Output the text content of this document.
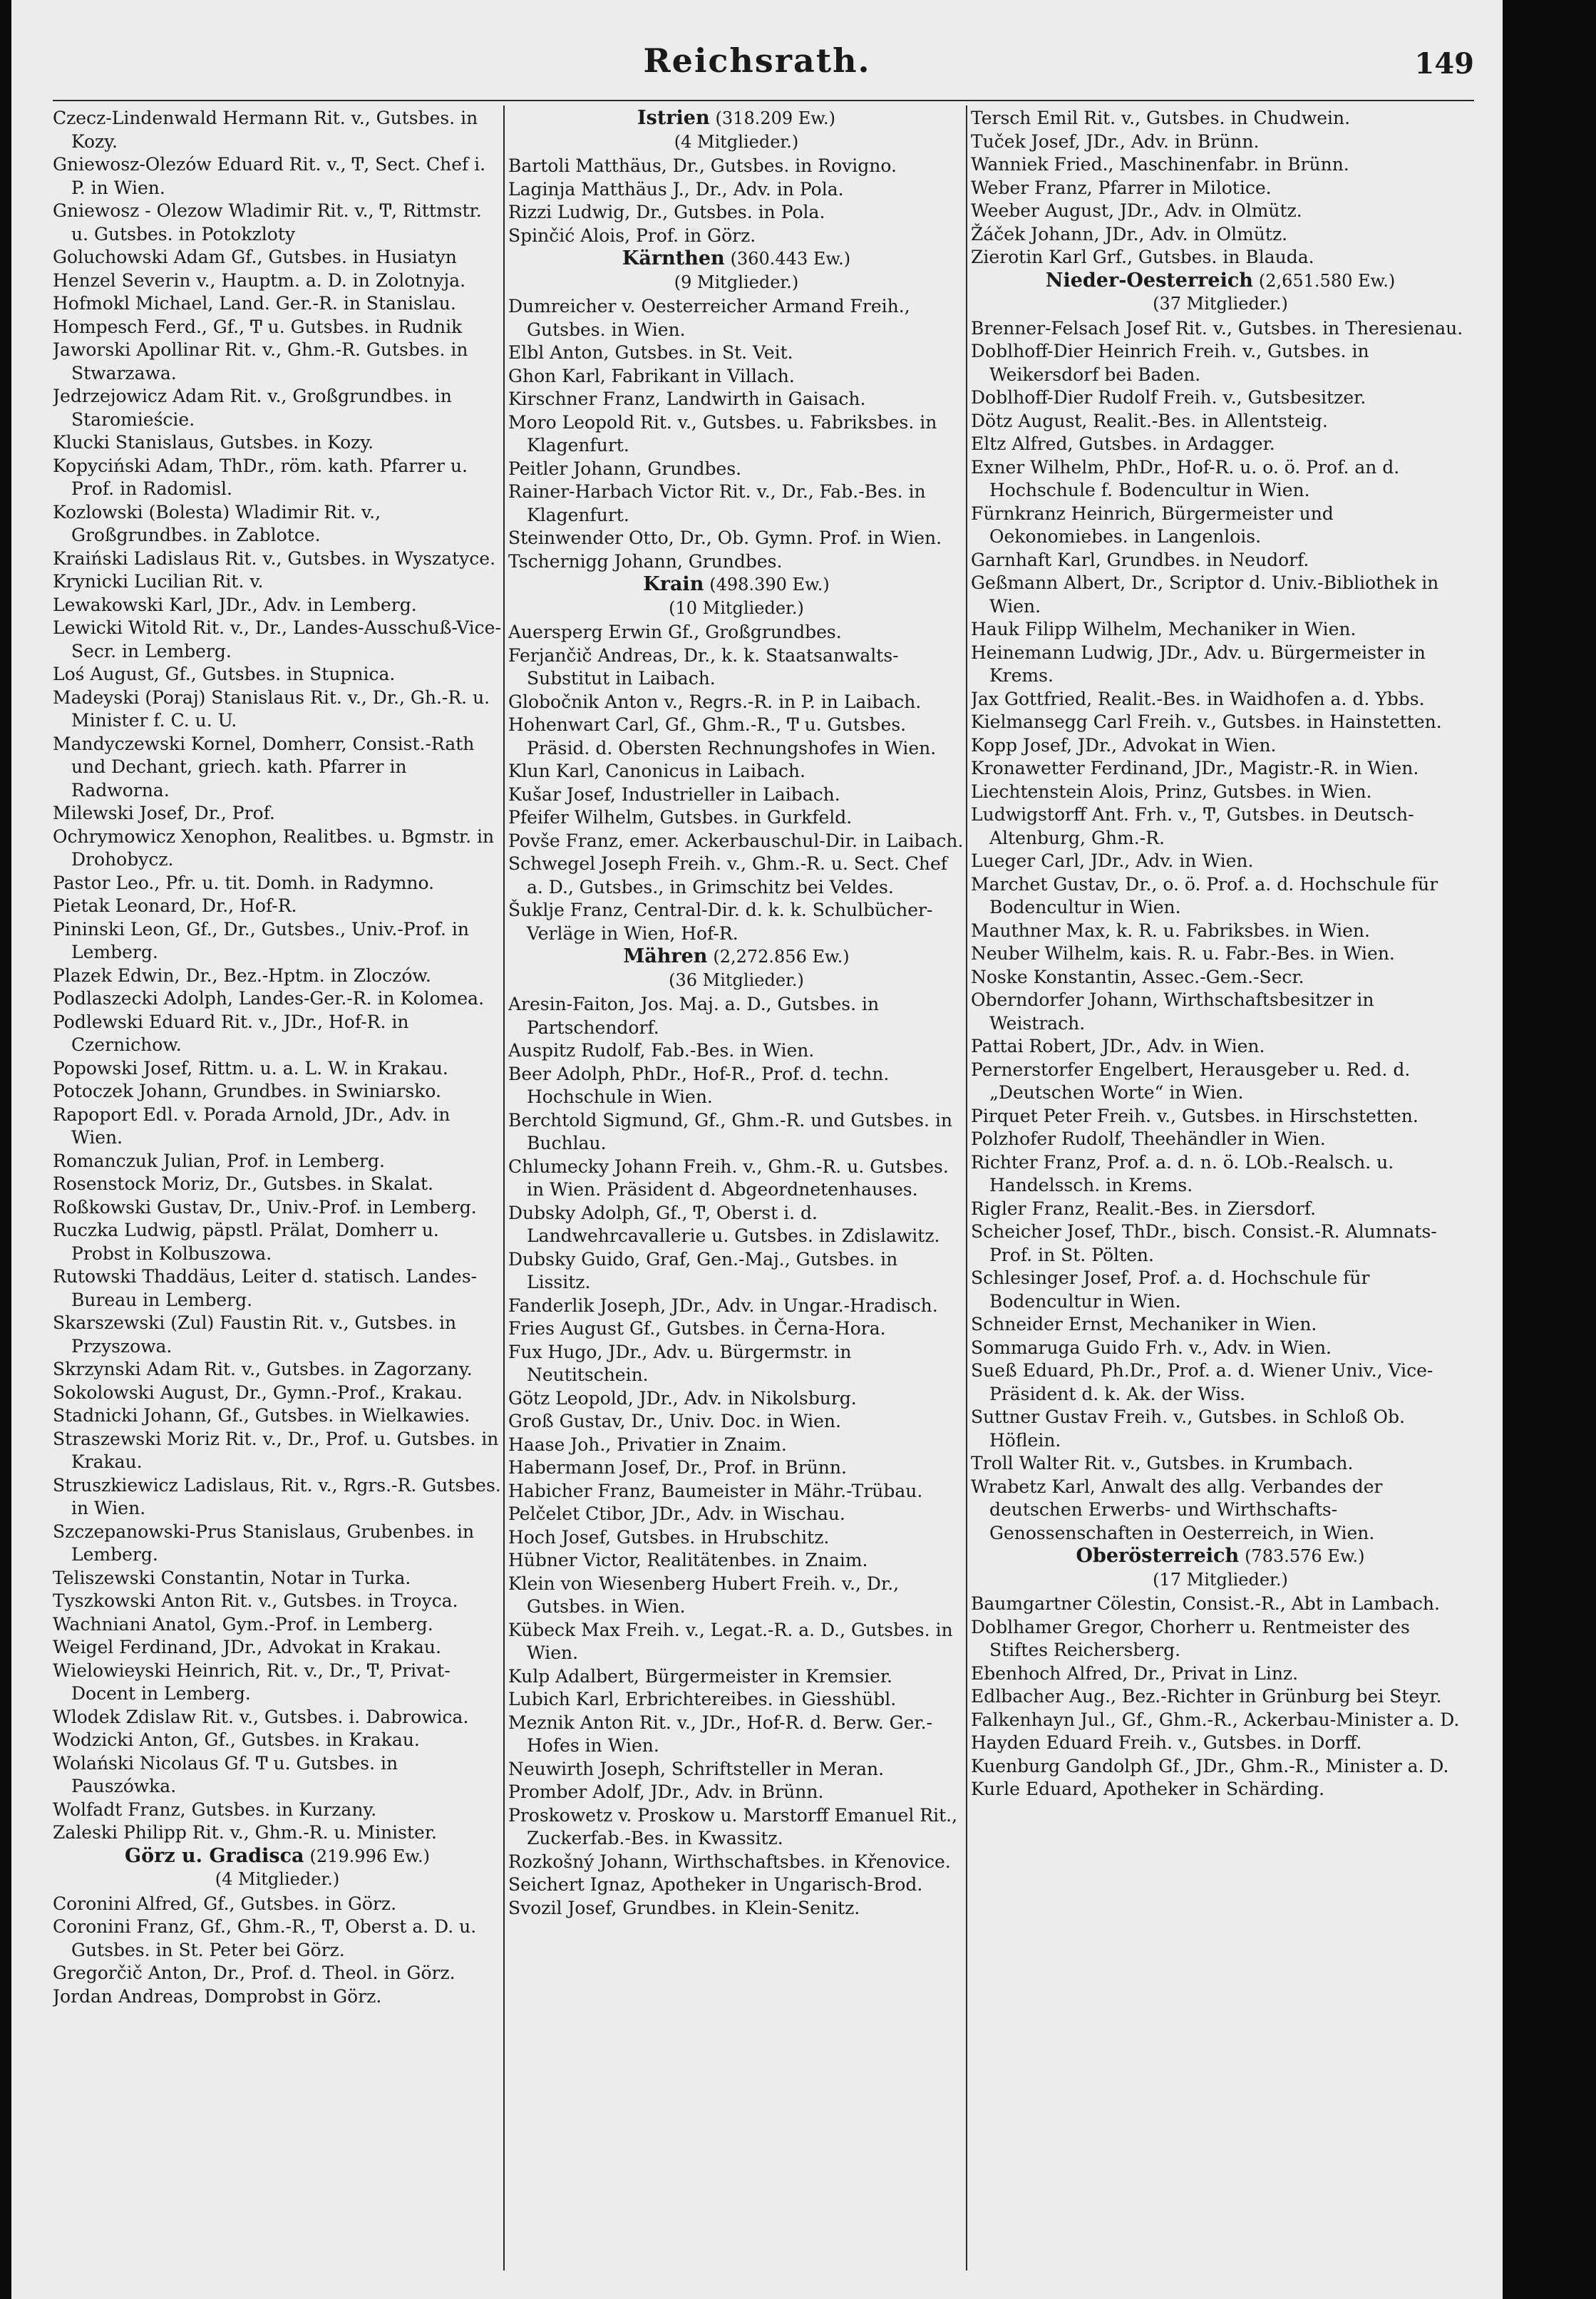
Reichsrath.	149

Czecz-Lindenwald Hermann Rit. v., Gutsbes. in Kozy.

Gniewosz-Olezów Eduard Rit. v., Ͳ, Sect. Chef i. P. in Wien.

Gniewosz - Olezow Wladimir Rit. v., Ͳ, Rittmstr. u. Gutsbes. in Potokzloty

Goluchowski Adam Gf., Gutsbes. in Husiatyn

Henzel Severin v., Hauptm. a. D. in Zolotnyja.

Hofmokl Michael, Land. Ger.-R. in Stanislau.

Hompesch Ferd., Gf., Ͳ u. Gutsbes. in Rudnik

Jaworski Apollinar Rit. v., Ghm.-R. Gutsbes. in Stwarzawa.

Jedrzejowicz Adam Rit. v., Großgrundbes. in Staromieście.

Klucki Stanislaus, Gutsbes. in Kozy.

Kopyciński Adam, ThDr., röm. kath. Pfarrer u. Prof. in Radomisl.

Kozlowski (Bolesta) Wladimir Rit. v., Großgrundbes. in Zablotce.

Kraiński Ladislaus Rit. v., Gutsbes. in Wyszatyce.

Krynicki Lucilian Rit. v.

Lewakowski Karl, JDr., Adv. in Lemberg.

Lewicki Witold Rit. v., Dr., Landes-Ausschuß-Vice-Secr. in Lemberg.

Loś August, Gf., Gutsbes. in Stupnica.

Madeyski (Poraj) Stanislaus Rit. v., Dr., Gh.-R. u. Minister f. C. u. U.

Mandyczewski Kornel, Domherr, Consist.-Rath und Dechant, griech. kath. Pfarrer in Radworna.

Milewski Josef, Dr., Prof.

Ochrymowicz Xenophon, Realitbes. u. Bgmstr. in Drohobycz.

Pastor Leo., Pfr. u. tit. Domh. in Radymno.

Pietak Leonard, Dr., Hof-R.

Pininski Leon, Gf., Dr., Gutsbes., Univ.-Prof. in Lemberg.

Plazek Edwin, Dr., Bez.-Hptm. in Zloczów.

Podlaszecki Adolph, Landes-Ger.-R. in Kolomea.

Podlewski Eduard Rit. v., JDr., Hof-R. in Czernichow.

Popowski Josef, Rittm. u. a. L. W. in Krakau.

Potoczek Johann, Grundbes. in Swiniarsko.

Rapoport Edl. v. Porada Arnold, JDr., Adv. in Wien.

Romanczuk Julian, Prof. in Lemberg.

Rosenstock Moriz, Dr., Gutsbes. in Skalat.

Roßkowski Gustav, Dr., Univ.-Prof. in Lemberg.

Ruczka Ludwig, päpstl. Prälat, Domherr u. Probst in Kolbuszowa.

Rutowski Thaddäus, Leiter d. statisch. Landes-Bureau in Lemberg.

Skarszewski (Zul) Faustin Rit. v., Gutsbes. in Przyszowa.

Skrzynski Adam Rit. v., Gutsbes. in Zagorzany.

Sokolowski August, Dr., Gymn.-Prof., Krakau.

Stadnicki Johann, Gf., Gutsbes. in Wielkawies.

Straszewski Moriz Rit. v., Dr., Prof. u. Gutsbes. in Krakau.

Struszkiewicz Ladislaus, Rit. v., Rgrs.-R. Gutsbes. in Wien.

Szczepanowski-Prus Stanislaus, Grubenbes. in Lemberg.

Teliszewski Constantin, Notar in Turka.

Tyszkowski Anton Rit. v., Gutsbes. in Troyca.

Wachniani Anatol, Gym.-Prof. in Lemberg.

Weigel Ferdinand, JDr., Advokat in Krakau.

Wielowieyski Heinrich, Rit. v., Dr., Ͳ, Privat-Docent in Lemberg.

Wlodek Zdislaw Rit. v., Gutsbes. i. Dabrowica.

Wodzicki Anton, Gf., Gutsbes. in Krakau.

Wolański Nicolaus Gf. Ͳ u. Gutsbes. in Pauszówka.

Wolfadt Franz, Gutsbes. in Kurzany.

Zaleski Philipp Rit. v., Ghm.-R. u. Minister.

Görz u. Gradisca (219.996 Ew.)

(4 Mitglieder.)

Coronini Alfred, Gf., Gutsbes. in Görz.

Coronini Franz, Gf., Ghm.-R., Ͳ, Oberst a. D. u. Gutsbes. in St. Peter bei Görz.

Gregorčič Anton, Dr., Prof. d. Theol. in Görz.

Jordan Andreas, Domprobst in Görz.

Istrien (318.209 Ew.)

(4 Mitglieder.)

Bartoli Matthäus, Dr., Gutsbes. in Rovigno.

Laginja Matthäus J., Dr., Adv. in Pola.

Rizzi Ludwig, Dr., Gutsbes. in Pola.

Spinčić Alois, Prof. in Görz.

Kärnthen (360.443 Ew.)

(9 Mitglieder.)

Dumreicher v. Oesterreicher Armand Freih., Gutsbes. in Wien.

Elbl Anton, Gutsbes. in St. Veit.

Ghon Karl, Fabrikant in Villach.

Kirschner Franz, Landwirth in Gaisach.

Moro Leopold Rit. v., Gutsbes. u. Fabriksbes. in Klagenfurt.

Peitler Johann, Grundbes.

Rainer-Harbach Victor Rit. v., Dr., Fab.-Bes. in Klagenfurt.

Steinwender Otto, Dr., Ob. Gymn. Prof. in Wien.

Tschernigg Johann, Grundbes.

Krain (498.390 Ew.)

(10 Mitglieder.)

Auersperg Erwin Gf., Großgrundbes.

Ferjančič Andreas, Dr., k. k. Staatsanwalts-Substitut in Laibach.

Globočnik Anton v., Regrs.-R. in P. in Laibach.

Hohenwart Carl, Gf., Ghm.-R., Ͳ u. Gutsbes. Präsid. d. Obersten Rechnungshofes in Wien.

Klun Karl, Canonicus in Laibach.

Kušar Josef, Industrieller in Laibach.

Pfeifer Wilhelm, Gutsbes. in Gurkfeld.

Povše Franz, emer. Ackerbauschul-Dir. in Laibach.

Schwegel Joseph Freih. v., Ghm.-R. u. Sect. Chef a. D., Gutsbes., in Grimschitz bei Veldes.

Šuklje Franz, Central-Dir. d. k. k. Schulbücher-Verläge in Wien, Hof-R.

Mähren (2,272.856 Ew.)

(36 Mitglieder.)

Aresin-Faiton, Jos. Maj. a. D., Gutsbes. in Partschendorf.

Auspitz Rudolf, Fab.-Bes. in Wien.

Beer Adolph, PhDr., Hof-R., Prof. d. techn. Hochschule in Wien.

Berchtold Sigmund, Gf., Ghm.-R. und Gutsbes. in Buchlau.

Chlumecky Johann Freih. v., Ghm.-R. u. Gutsbes. in Wien. Präsident d. Abgeordnetenhauses.

Dubsky Adolph, Gf., Ͳ, Oberst i. d. Landwehrcavallerie u. Gutsbes. in Zdislawitz.

Dubsky Guido, Graf, Gen.-Maj., Gutsbes. in Lissitz.

Fanderlik Joseph, JDr., Adv. in Ungar.-Hradisch.

Fries August Gf., Gutsbes. in Černa-Hora.

Fux Hugo, JDr., Adv. u. Bürgermstr. in Neutitschein.

Götz Leopold, JDr., Adv. in Nikolsburg.

Groß Gustav, Dr., Univ. Doc. in Wien.

Haase Joh., Privatier in Znaim.

Habermann Josef, Dr., Prof. in Brünn.

Habicher Franz, Baumeister in Mähr.-Trübau.

Pelčelet Ctibor, JDr., Adv. in Wischau.

Hoch Josef, Gutsbes. in Hrubschitz.

Hübner Victor, Realitätenbes. in Znaim.

Klein von Wiesenberg Hubert Freih. v., Dr., Gutsbes. in Wien.

Kübeck Max Freih. v., Legat.-R. a. D., Gutsbes. in Wien.

Kulp Adalbert, Bürgermeister in Kremsier.

Lubich Karl, Erbrichtereibes. in Giesshübl.

Meznik Anton Rit. v., JDr., Hof-R. d. Berw. Ger.-Hofes in Wien.

Neuwirth Joseph, Schriftsteller in Meran.

Promber Adolf, JDr., Adv. in Brünn.

Proskowetz v. Proskow u. Marstorff Emanuel Rit., Zuckerfab.-Bes. in Kwassitz.

Rozkošný Johann, Wirthschaftsbes. in Křenovice.

Seichert Ignaz, Apotheker in Ungarisch-Brod.

Svozil Josef, Grundbes. in Klein-Senitz.

Tersch Emil Rit. v., Gutsbes. in Chudwein.

Tuček Josef, JDr., Adv. in Brünn.

Wanniek Fried., Maschinenfabr. in Brünn.

Weber Franz, Pfarrer in Milotice.

Weeber August, JDr., Adv. in Olmütz.

Žáček Johann, JDr., Adv. in Olmütz.

Zierotin Karl Grf., Gutsbes. in Blauda.

Nieder-Oesterreich (2,651.580 Ew.)

(37 Mitglieder.)

Brenner-Felsach Josef Rit. v., Gutsbes. in Theresienau.

Doblhoff-Dier Heinrich Freih. v., Gutsbes. in Weikersdorf bei Baden.

Doblhoff-Dier Rudolf Freih. v., Gutsbesitzer.

Dötz August, Realit.-Bes. in Allentsteig.

Eltz Alfred, Gutsbes. in Ardagger.

Exner Wilhelm, PhDr., Hof-R. u. o. ö. Prof. an d. Hochschule f. Bodencultur in Wien.

Fürnkranz Heinrich, Bürgermeister und Oekonomiebes. in Langenlois.

Garnhaft Karl, Grundbes. in Neudorf.

Geßmann Albert, Dr., Scriptor d. Univ.-Bibliothek in Wien.

Hauk Filipp Wilhelm, Mechaniker in Wien.

Heinemann Ludwig, JDr., Adv. u. Bürgermeister in Krems.

Jax Gottfried, Realit.-Bes. in Waidhofen a. d. Ybbs.

Kielmansegg Carl Freih. v., Gutsbes. in Hainstetten.

Kopp Josef, JDr., Advokat in Wien.

Kronawetter Ferdinand, JDr., Magistr.-R. in Wien.

Liechtenstein Alois, Prinz, Gutsbes. in Wien.

Ludwigstorff Ant. Frh. v., Ͳ, Gutsbes. in Deutsch-Altenburg, Ghm.-R.

Lueger Carl, JDr., Adv. in Wien.

Marchet Gustav, Dr., o. ö. Prof. a. d. Hochschule für Bodencultur in Wien.

Mauthner Max, k. R. u. Fabriksbes. in Wien.

Neuber Wilhelm, kais. R. u. Fabr.-Bes. in Wien.

Noske Konstantin, Assec.-Gem.-Secr.

Oberndorfer Johann, Wirthschaftsbesitzer in Weistrach.

Pattai Robert, JDr., Adv. in Wien.

Pernerstorfer Engelbert, Herausgeber u. Red. d. „Deutschen Worte“ in Wien.

Pirquet Peter Freih. v., Gutsbes. in Hirschstetten.

Polzhofer Rudolf, Theehändler in Wien.

Richter Franz, Prof. a. d. n. ö. LOb.-Realsch. u. Handelssch. in Krems.

Rigler Franz, Realit.-Bes. in Ziersdorf.

Scheicher Josef, ThDr., bisch. Consist.-R. Alumnats-Prof. in St. Pölten.

Schlesinger Josef, Prof. a. d. Hochschule für Bodencultur in Wien.

Schneider Ernst, Mechaniker in Wien.

Sommaruga Guido Frh. v., Adv. in Wien.

Sueß Eduard, Ph.Dr., Prof. a. d. Wiener Univ., Vice-Präsident d. k. Ak. der Wiss.

Suttner Gustav Freih. v., Gutsbes. in Schloß Ob. Höflein.

Troll Walter Rit. v., Gutsbes. in Krumbach.

Wrabetz Karl, Anwalt des allg. Verbandes der deutschen Erwerbs- und Wirthschafts-Genossenschaften in Oesterreich, in Wien.

Oberösterreich (783.576 Ew.)

(17 Mitglieder.)

Baumgartner Cölestin, Consist.-R., Abt in Lambach.

Doblhamer Gregor, Chorherr u. Rentmeister des Stiftes Reichersberg.

Ebenhoch Alfred, Dr., Privat in Linz.

Edlbacher Aug., Bez.-Richter in Grünburg bei Steyr.

Falkenhayn Jul., Gf., Ghm.-R., Ackerbau-Minister a. D.

Hayden Eduard Freih. v., Gutsbes. in Dorff.

Kuenburg Gandolph Gf., JDr., Ghm.-R., Minister a. D.

Kurle Eduard, Apotheker in Schärding.
